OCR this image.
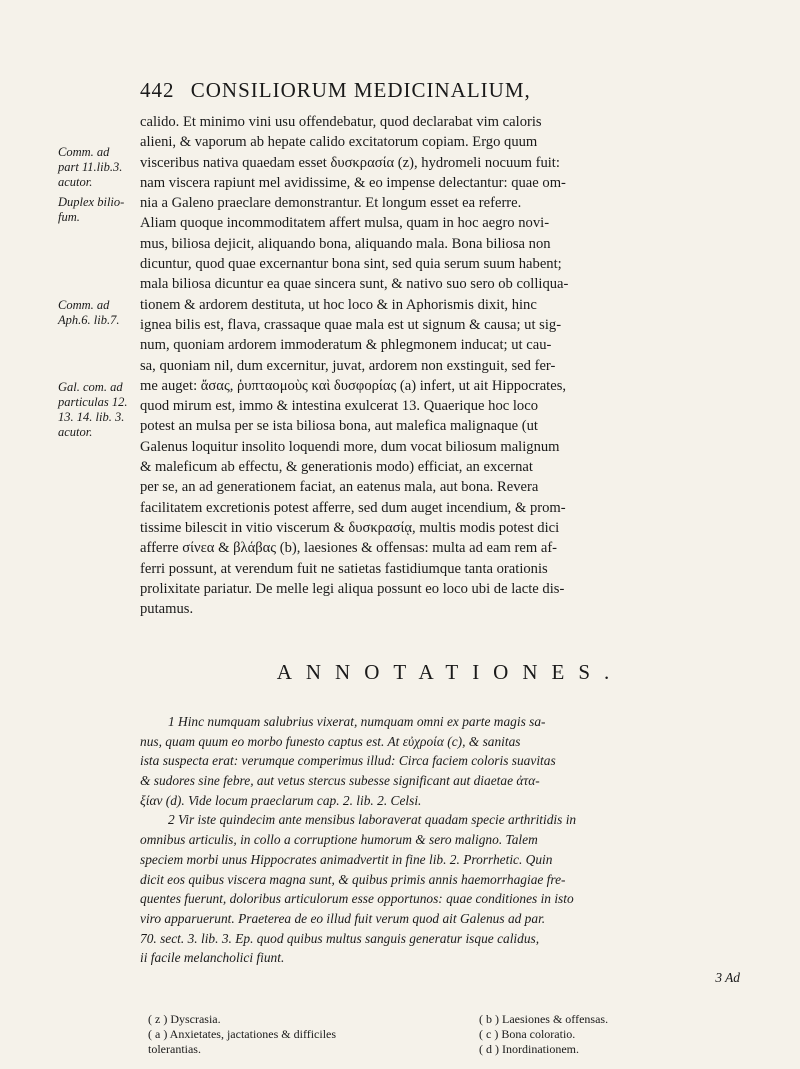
442 CONSILIORUM MEDICINALIUM,
Comm. ad
part 11.lib.3.
acutor.
Duplex bilio-
fum.
Comm. ad
Aph.6. lib.7.
Gal. com. ad
particulas 12.
13. 14. lib. 3.
acutor.
calido. Et minimo vini usu offendebatur, quod declarabat vim caloris
alieni, & vaporum ab hepate calido excitatorum copiam. Ergo quum
visceribus nativa quaedam esset δυσκρασία (z), hydromeli nocuum fuit:
nam viscera rapiunt mel avidissime, & eo impense delectantur: quae om-
nia a Galeno praeclare demonstrantur. Et longum esset ea referre.
Aliam quoque incommoditatem affert mulsa, quam in hoc aegro novi-
mus, biliosa dejicit, aliquando bona, aliquando mala. Bona biliosa non
dicuntur, quod quae excernantur bona sint, sed quia serum suum habent;
mala biliosa dicuntur ea quae sincera sunt, & nativo suo sero ob colliqua-
tionem & ardorem destituta, ut hoc loco & in Aphorismis dixit, hinc
ignea bilis est, flava, crassaque quae mala est ut signum & causa; ut sig-
num, quoniam ardorem immoderatum & phlegmonem inducat; ut cau-
sa, quoniam nil, dum excernitur, juvat, ardorem non exstinguit, sed fer-
me auget: ἄσας, ῥυπταομοὺς καὶ δυσφορίας (a) infert, ut ait Hippocrates,
quod mirum est, immo & intestina exulcerat 13. Quaerique hoc loco
potest an mulsa per se ista biliosa bona, aut malefica malignaque (ut
Galenus loquitur insolito loquendi more, dum vocat biliosum malignum
& maleficum ab effectu, & generationis modo) efficiat, an excernat
per se, an ad generationem faciat, an eatenus mala, aut bona. Revera
facilitatem excretionis potest afferre, sed dum auget incendium, & prom-
tissime bilescit in vitio viscerum & δυσκρασίᾳ, multis modis potest dici
afferre σίνεα & βλάβας (b), laesiones & offensas: multa ad eam rem af-
ferri possunt, at verendum fuit ne satietas fastidiumque tanta orationis
prolixitate pariatur. De melle legi aliqua possunt eo loco ubi de lacte dis-
putamus.
ANNOTATIONES.
1 Hinc numquam salubrius vixerat, numquam omni ex parte magis sa-
nus, quam quum eo morbo funesto captus est. At εὐχροία (c), & sanitas
ista suspecta erat: verumque comperimus illud: Circa faciem coloris suavitas
& sudores sine febre, aut vetus stercus subesse significant aut diaetae ἀτα-
ξίαν (d). Vide locum praeclarum cap. 2. lib. 2. Celsi.
2 Vir iste quindecim ante mensibus laboraverat quadam specie arthritidis in
omnibus articulis, in collo a corruptione humorum & sero maligno. Talem
speciem morbi unus Hippocrates animadvertit in fine lib. 2. Prorrhetic. Quin
dicit eos quibus viscera magna sunt, & quibus primis annis haemorrhagiae fre-
quentes fuerunt, doloribus articulorum esse opportunos: quae conditiones in isto
viro apparuerunt. Praeterea de eo illud fuit verum quod ait Galenus ad par.
70. sect. 3. lib. 3. Ep. quod quibus multus sanguis generatur isque calidus,
ii facile melancholici fiunt.
3 Ad
( z ) Dyscrasia.	( b ) Laesiones & offensas.
( a ) Anxietates, jactationes & difficiles	( c ) Bona coloratio.
tolerantias.	( d ) Inordinationem.
